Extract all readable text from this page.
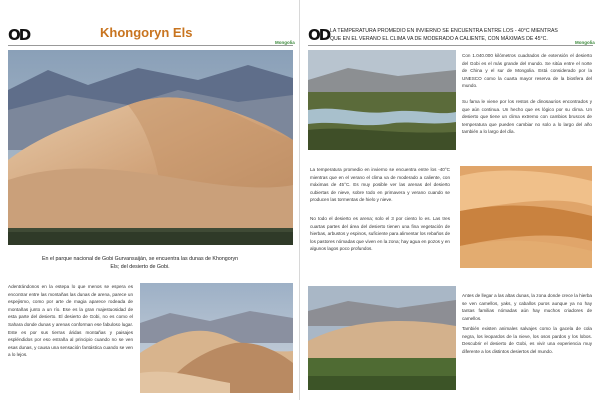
OD	Khongoryn Els
Mongolia
En el parque nacional de Gobi Gurvansaiján, se encuentra las dunas de Khongoryn Els; del desierto de Gobi.
Adentrándonos en la estepa lo que menos se espera es encontrar entre las montañas las dunas de arena, parece un espejismo, como por arte de magia aparece rodeada de montañas junto a un río. Ese es la gran majestuosidad de esta parte del desierto. El desierto de Gobi, no es como el Sahara donde dunas y arenas conforman ese fabuloso lugar. Este es por sus tierras áridas montañas y paisajes espléndidos por eso estraña al principio cuando no se ven esas dunas, y causa una sensación fantástica cuando se ven a lo lejos.
OD LA TEMPERATURA PROMEDIO EN INVIERNO SE ENCUENTRA ENTRE LOS - 40°C MIENTRAS QUE EN EL VERANO EL CLIMA VA DE MODERADO A CALIENTE, CON MÁXIMAS DE 45°C.
Mongolia
Con 1.040.000 kilómetros cuadrados de extensión el desierto del Gobi es el más grande del mundo. Se sitúa entre el norte de China y el sur de Mongolia. Está considerado por la UNESCO como la cuarta mayor reserva de la biosfera del mundo.
Su fama le viene por los restos de dinosaurios encontrados y que aún continua. Un hecho que es lógico por su clima. Un desierto que tiene un clima extremo con cambios bruscos de temperatura que pueden cambiar no solo a lo largo del año también a lo largo del día.
La temperatura promedio en invierno se encuentra entre los -40°C mientras que en el verano el clima va de moderado a caliente, con máximas de 45°C. Es muy posible ver las arenas del desierto cubiertas de nieve, sobre todo en primavera y verano cuando se producen las tormentas de hielo y nieve.
No todo el desierto es arena; solo el 3 por ciento lo es. Las tres cuartas partes del área del desierto tienen una fina vegetación de hierbas, arbustos y espinos, suficiente para alimentar los rebaños de los pastores nómadas que viven en la zona; hay agua en pozos y en algunos lagos poco profundos.
Antes de llegar a las altas dunas, la zona donde crece la hierba se ven camellos, yaks, y caballos puros aunque ya no hay tantas familias nómadas aún hay muchos criadores de camellos.
También existen animales salvajes como la gacela de cola negra, los leopardos de la nieve, los osos pardos y los lobos. Descubrir el desierto de Gobi, es vivir una experiencia muy diferente a los distintos desiertos del mundo.
